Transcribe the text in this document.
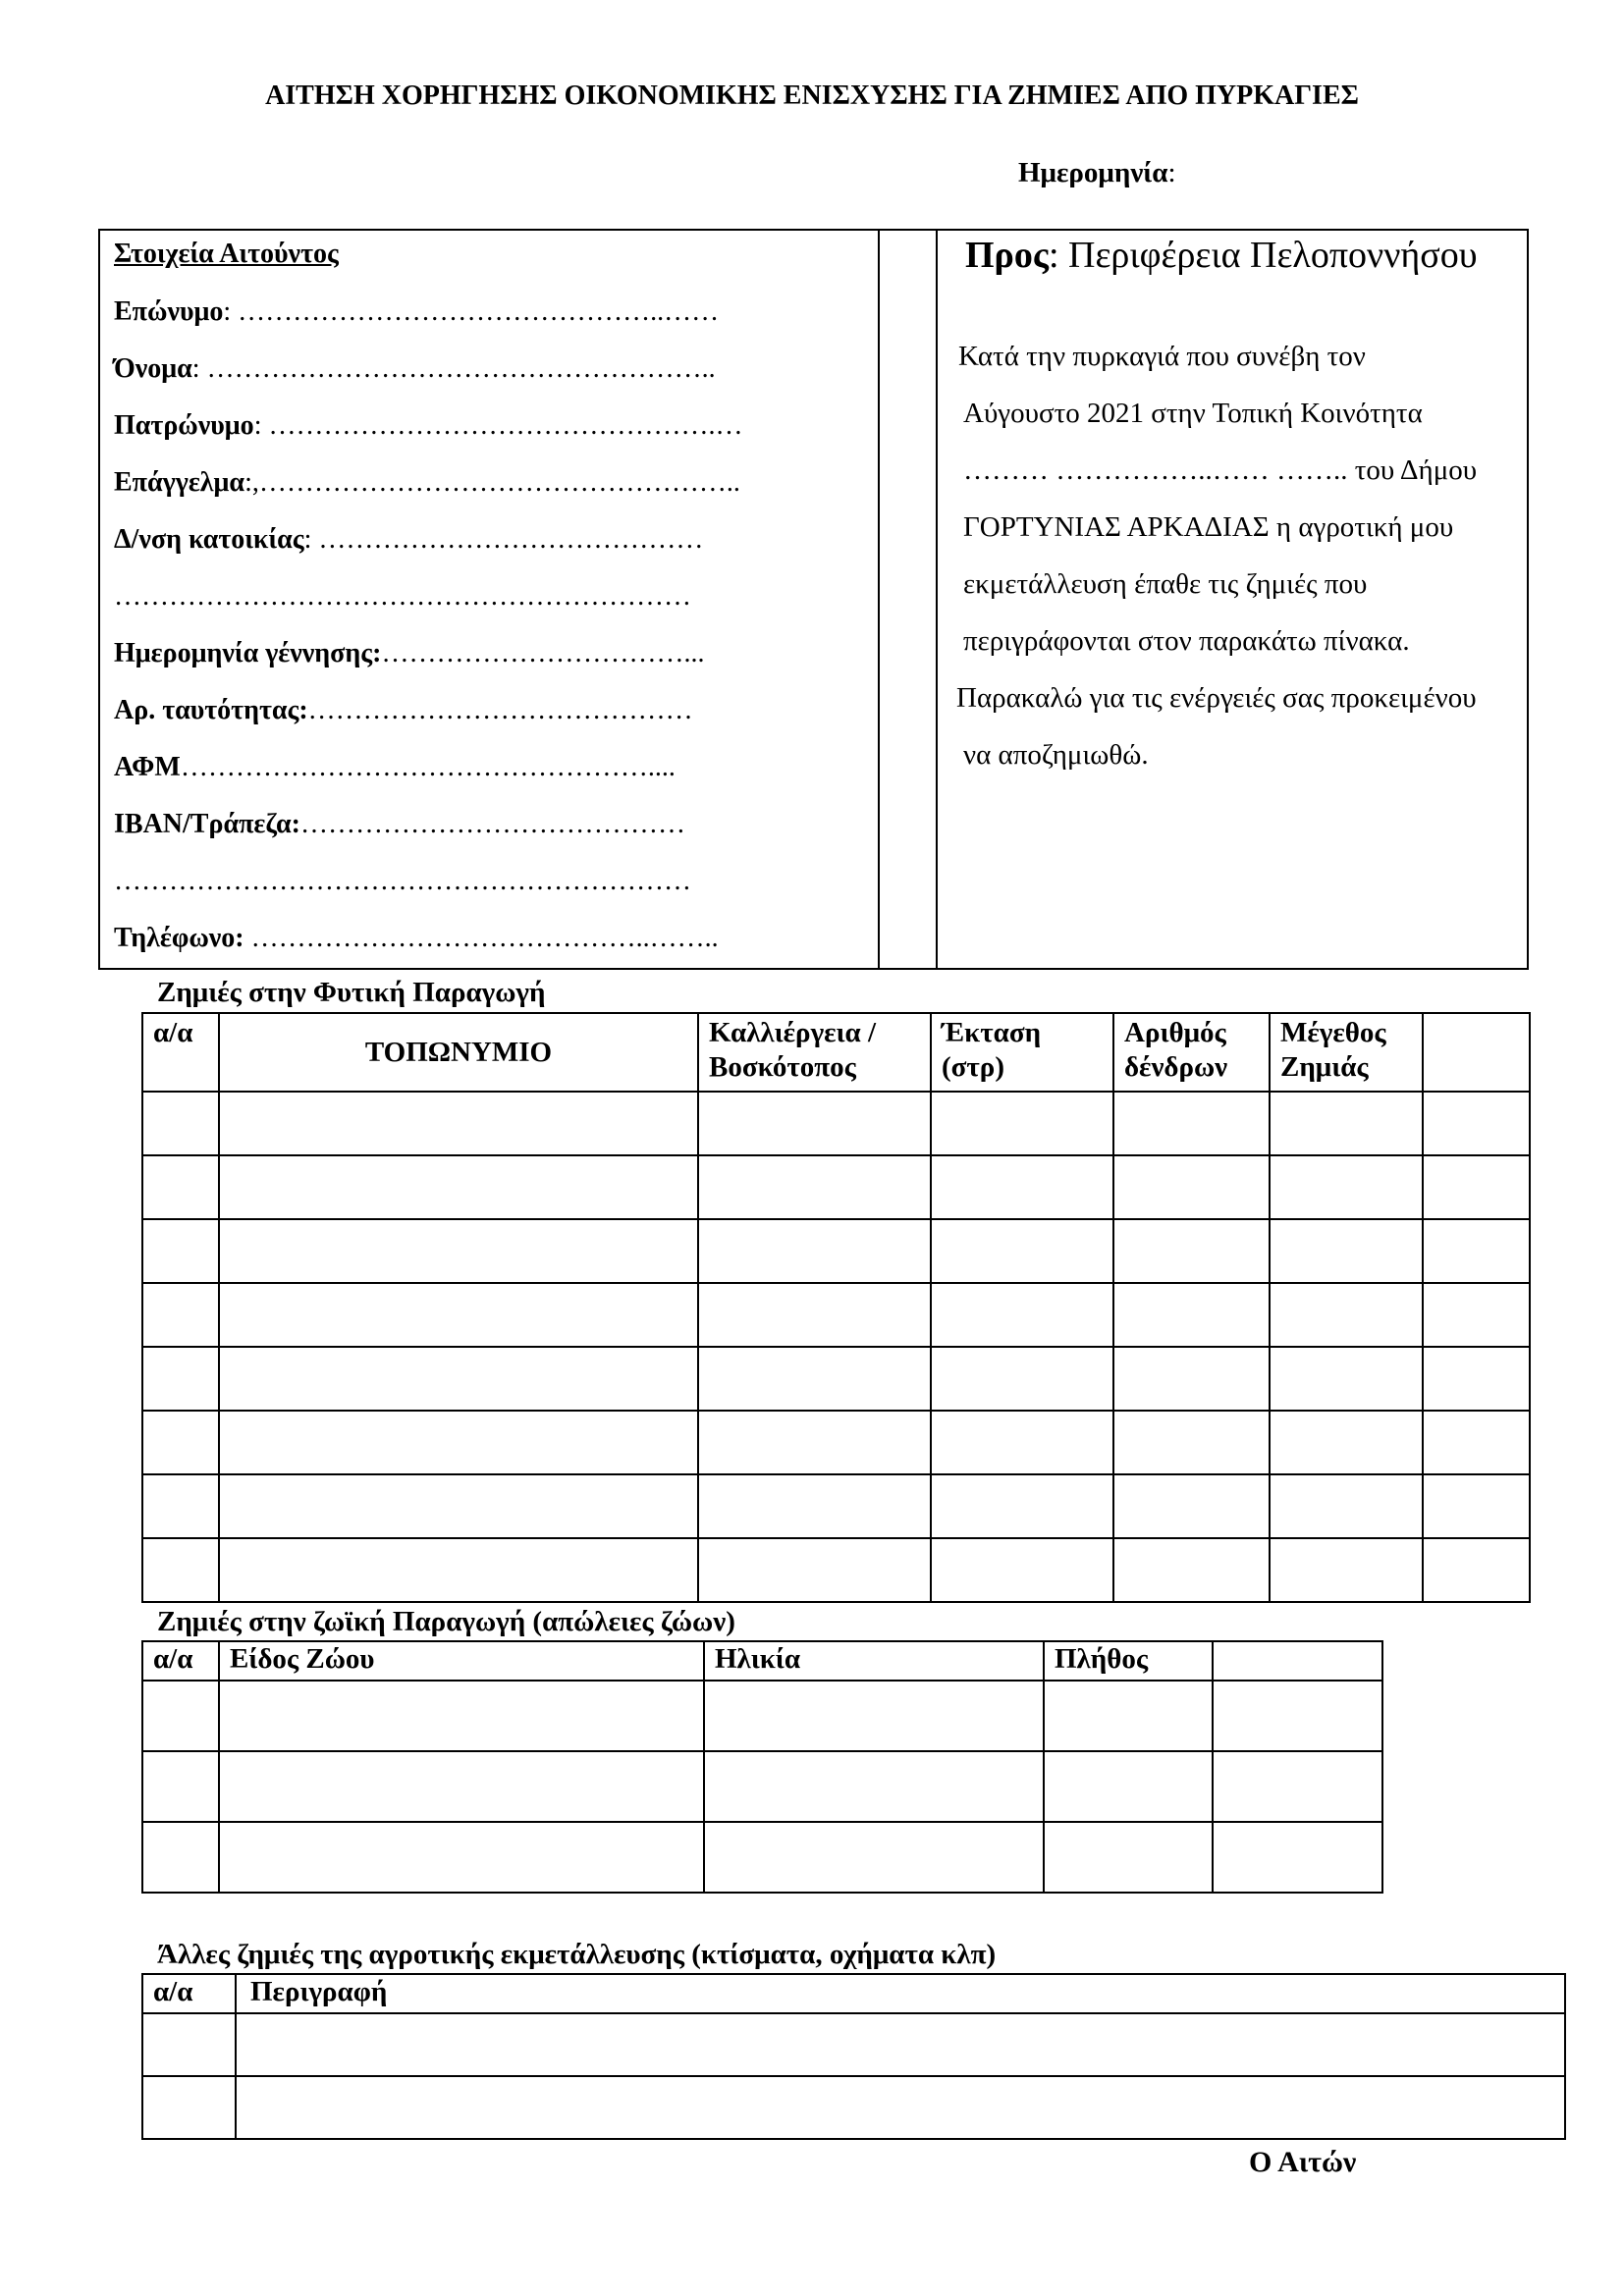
ΑΙΤΗΣΗ ΧΟΡΗΓΗΣΗΣ ΟΙΚΟΝΟΜΙΚΗΣ ΕΝΙΣΧΥΣΗΣ ΓΙΑ ΖΗΜΙΕΣ ΑΠΟ ΠΥΡΚΑΓΙΕΣ
Ημερομηνία:
Στοιχεία Αιτούντος
Επώνυμο: ………………………………………..……
Όνομα: ………………………………………………..
Πατρώνυμο: ………………………………………….…
Επάγγελμα:,……………………………………………..
Δ/νση κατοικίας: ……………………………………
………………………………………………………
Ημερομηνία γέννησης:……………………………...
Αρ. ταυτότητας:……………………………………
ΑΦΜ……………………………………………....
ΙΒΑΝ/Τράπεζα:……………………………………
………………………………………………………
Τηλέφωνο: ……………………………………..……..
Προς: Περιφέρεια Πελοποννήσου
Κατά την πυρκαγιά που συνέβη τον
Αύγουστο 2021 στην Τοπική Κοινότητα
……… ……………..…… …….. του Δήμου
ΓΟΡΤΥΝΙΑΣ ΑΡΚΑΔΙΑΣ η αγροτική μου
εκμετάλλευση έπαθε τις ζημιές που
περιγράφονται στον παρακάτω πίνακα.
Παρακαλώ για τις ενέργειές σας προκειμένου
να αποζημιωθώ.
Ζημιές στην Φυτική Παραγωγή
α/α	ΤΟΠΩΝΥΜΙΟ	Καλλιέργεια / Βοσκότοπος	Έκταση (στρ)	Αριθμός δένδρων	Μέγεθος Ζημιάς	

Ζημιές στην ζωϊκή Παραγωγή (απώλειες ζώων)
α/α	Είδος Ζώου	Ηλικία	Πλήθος	

Άλλες ζημιές της αγροτικής εκμετάλλευσης (κτίσματα, οχήματα κλπ)
α/α	Περιγραφή

Ο Αιτών
